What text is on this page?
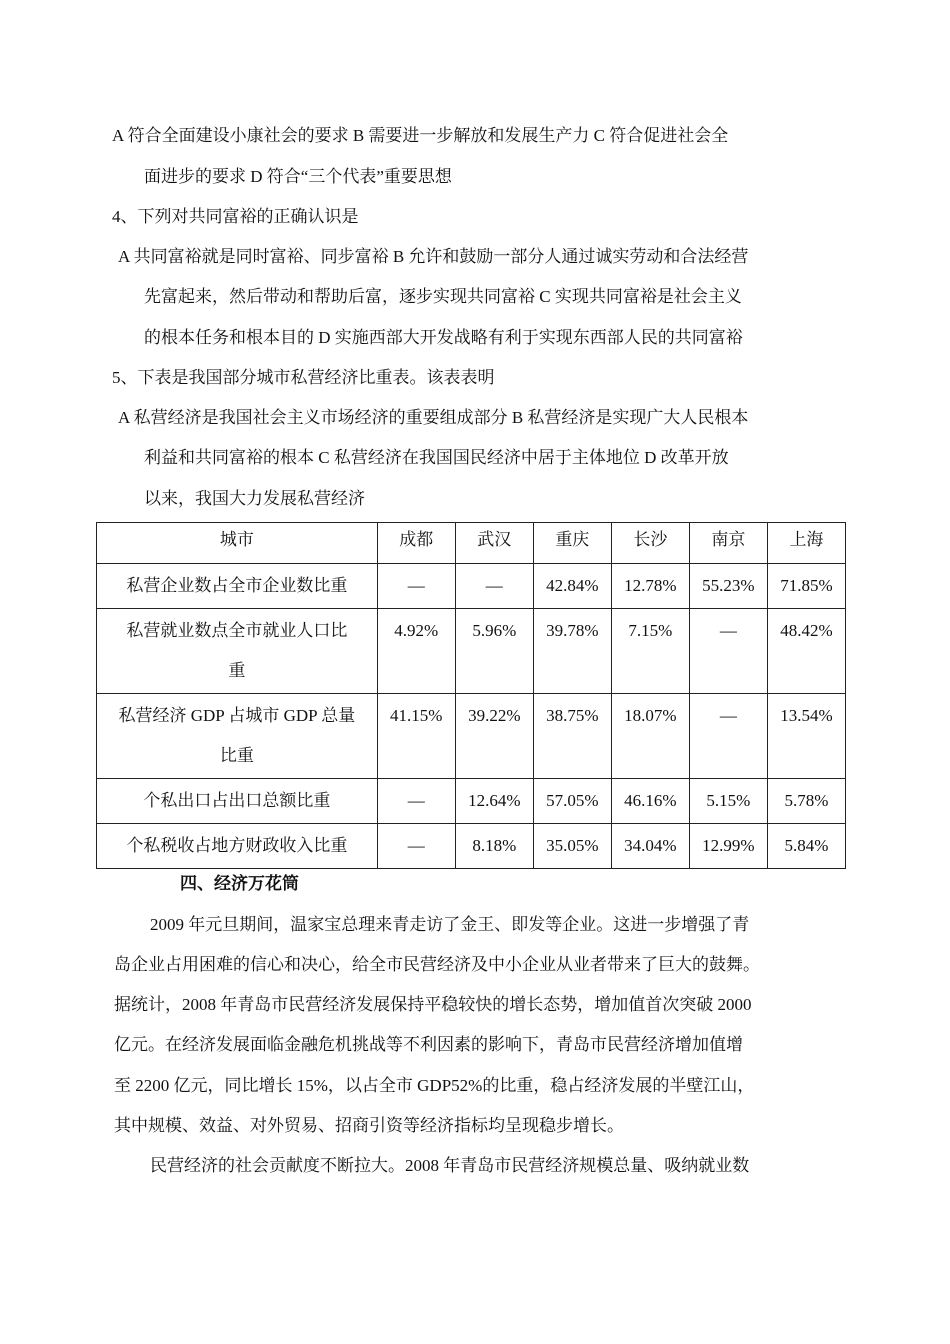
A 符合全面建设小康社会的要求 B 需要进一步解放和发展生产力 C 符合促进社会全
面进步的要求 D 符合“三个代表”重要思想
4、下列对共同富裕的正确认识是
A 共同富裕就是同时富裕、同步富裕 B 允许和鼓励一部分人通过诚实劳动和合法经营
先富起来，然后带动和帮助后富，逐步实现共同富裕 C 实现共同富裕是社会主义
的根本任务和根本目的 D 实施西部大开发战略有利于实现东西部人民的共同富裕
5、下表是我国部分城市私营经济比重表。该表表明
A 私营经济是我国社会主义市场经济的重要组成部分 B 私营经济是实现广大人民根本
利益和共同富裕的根本 C 私营经济在我国国民经济中居于主体地位 D 改革开放
以来，我国大力发展私营经济
城市	成都	武汉	重庆	长沙	南京	上海

私营企业数占全市企业数比重	—	—	42.84%	12.78%	55.23%	71.85%

私营就业数点全市就业人口比
重	4.92%	5.96%	39.78%	7.15%	—	48.42%

私营经济 GDP 占城市 GDP 总量
比重	41.15%	39.22%	38.75%	18.07%	—	13.54%

个私出口占出口总额比重	—	12.64%	57.05%	46.16%	5.15%	5.78%

个私税收占地方财政收入比重	—	8.18%	35.05%	34.04%	12.99%	5.84%
四、经济万花筒
2009 年元旦期间，温家宝总理来青走访了金王、即发等企业。这进一步增强了青
岛企业占用困难的信心和决心，给全市民营经济及中小企业从业者带来了巨大的鼓舞。
据统计，2008 年青岛市民营经济发展保持平稳较快的增长态势，增加值首次突破 2000
亿元。在经济发展面临金融危机挑战等不利因素的影响下，青岛市民营经济增加值增
至 2200 亿元，同比增长 15%，以占全市 GDP52%的比重，稳占经济发展的半壁江山，
其中规模、效益、对外贸易、招商引资等经济指标均呈现稳步增长。
民营经济的社会贡献度不断拉大。2008 年青岛市民营经济规模总量、吸纳就业数
